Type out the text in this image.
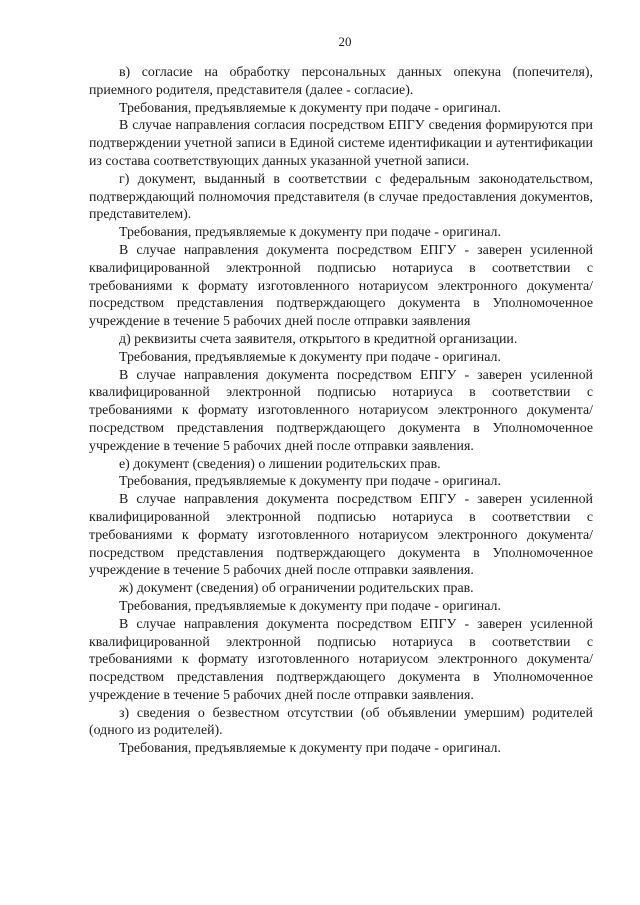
20

в) согласие на обработку персональных данных опекуна (попечителя), приемного родителя, представителя (далее - согласие).

Требования, предъявляемые к документу при подаче - оригинал.

В случае направления согласия посредством ЕПГУ сведения формируются при подтверждении учетной записи в Единой системе идентификации и аутентификации из состава соответствующих данных указанной учетной записи.

г) документ, выданный в соответствии с федеральным законодательством, подтверждающий полномочия представителя (в случае предоставления документов, представителем).

Требования, предъявляемые к документу при подаче - оригинал.

В случае направления документа посредством ЕПГУ - заверен усиленной квалифицированной электронной подписью нотариуса в соответствии с требованиями к формату изготовленного нотариусом электронного документа/посредством представления подтверждающего документа в Уполномоченное учреждение в течение 5 рабочих дней после отправки заявления

д) реквизиты счета заявителя, открытого в кредитной организации.

Требования, предъявляемые к документу при подаче - оригинал.

В случае направления документа посредством ЕПГУ - заверен усиленной квалифицированной электронной подписью нотариуса в соответствии с требованиями к формату изготовленного нотариусом электронного документа/посредством представления подтверждающего документа в Уполномоченное учреждение в течение 5 рабочих дней после отправки заявления.

е) документ (сведения) о лишении родительских прав.

Требования, предъявляемые к документу при подаче - оригинал.

В случае направления документа посредством ЕПГУ - заверен усиленной квалифицированной электронной подписью нотариуса в соответствии с требованиями к формату изготовленного нотариусом электронного документа/посредством представления подтверждающего документа в Уполномоченное учреждение в течение 5 рабочих дней после отправки заявления.

ж) документ (сведения) об ограничении родительских прав.

Требования, предъявляемые к документу при подаче - оригинал.

В случае направления документа посредством ЕПГУ - заверен усиленной квалифицированной электронной подписью нотариуса в соответствии с требованиями к формату изготовленного нотариусом электронного документа/посредством представления подтверждающего документа в Уполномоченное учреждение в течение 5 рабочих дней после отправки заявления.

з) сведения о безвестном отсутствии (об объявлении умершим) родителей (одного из родителей).

Требования, предъявляемые к документу при подаче - оригинал.
